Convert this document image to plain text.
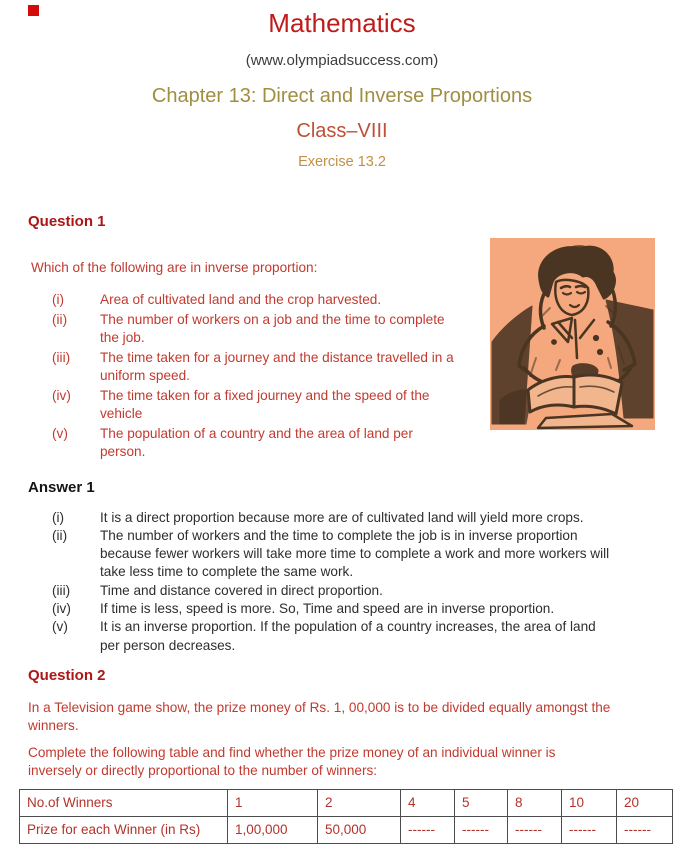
Mathematics
(www.olympiadsuccess.com)
Chapter 13: Direct and Inverse Proportions
Class–VIII
Exercise 13.2
Question 1
Which of the following are in inverse proportion:
(i)	Area of cultivated land and the crop harvested.
(ii)	The number of workers on a job and the time to complete the job.
(iii)	The time taken for a journey and the distance travelled in a uniform speed.
(iv)	The time taken for a fixed journey and the speed of the vehicle
(v)	The population of a country and the area of land per person.
Answer 1
(i)	It is a direct proportion because more are of cultivated land will yield more crops.
(ii)	The number of workers and the time to complete the job is in inverse proportion because fewer workers will take more time to complete a work and more workers will take less time to complete the same work.
(iii)	Time and distance covered in direct proportion.
(iv)	If time is less, speed is more. So, Time and speed are in inverse proportion.
(v)	It is an inverse proportion. If the population of a country increases, the area of land per person decreases.
Question 2
In a Television game show, the prize money of Rs. 1, 00,000 is to be divided equally amongst the winners.
Complete the following table and find whether the prize money of an individual winner is inversely or directly proportional to the number of winners:
No.of Winners	1	2	4	5	8	10	20
Prize for each Winner (in Rs)	1,00,000	50,000	------	------	------	------	------
